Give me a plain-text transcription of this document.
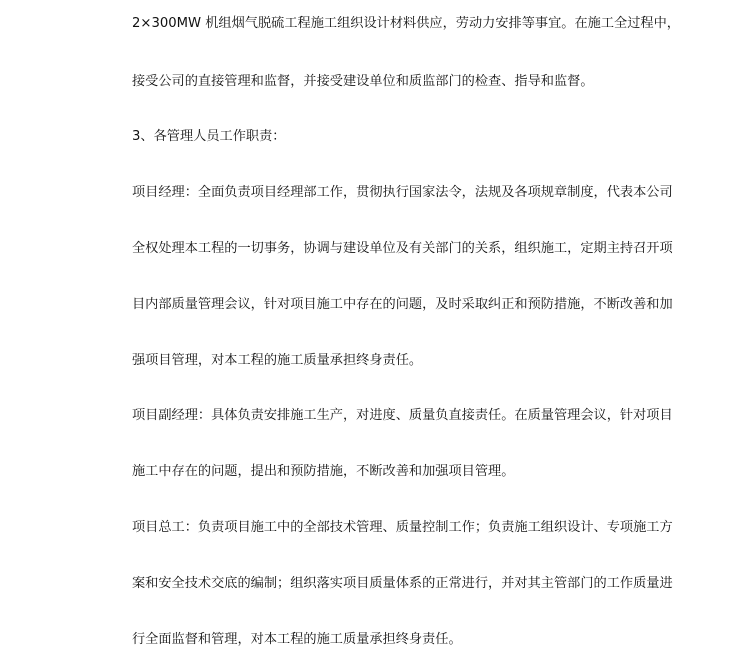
2×300MW 机组烟气脱硫工程施工组织设计材料供应，劳动力安排等事宜。在施工全过程中，
接受公司的直接管理和监督，并接受建设单位和质监部门的检查、指导和监督。
3、各管理人员工作职责：
项目经理：全面负责项目经理部工作，贯彻执行国家法令，法规及各项规章制度，代表本公司
全权处理本工程的一切事务，协调与建设单位及有关部门的关系，组织施工，定期主持召开项
目内部质量管理会议，针对项目施工中存在的问题，及时采取纠正和预防措施，不断改善和加
强项目管理，对本工程的施工质量承担终身责任。
项目副经理：具体负责安排施工生产，对进度、质量负直接责任。在质量管理会议，针对项目
施工中存在的问题，提出和预防措施，不断改善和加强项目管理。
项目总工：负责项目施工中的全部技术管理、质量控制工作；负责施工组织设计、专项施工方
案和安全技术交底的编制；组织落实项目质量体系的正常进行，并对其主管部门的工作质量进
行全面监督和管理，对本工程的施工质量承担终身责任。
